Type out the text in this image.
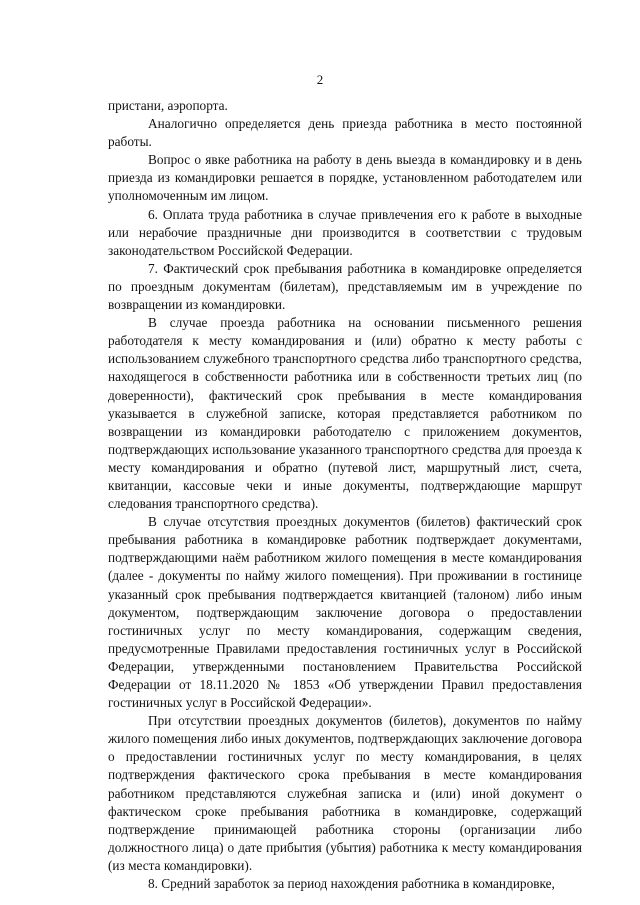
2

пристани, аэропорта.

Аналогично определяется день приезда работника в место постоянной работы.

Вопрос о явке работника на работу в день выезда в командировку и в день приезда из командировки решается в порядке, установленном работодателем или уполномоченным им лицом.

6. Оплата труда работника в случае привлечения его к работе в выходные или нерабочие праздничные дни производится в соответствии с трудовым законодательством Российской Федерации.

7. Фактический срок пребывания работника в командировке определяется по проездным документам (билетам), представляемым им в учреждение по возвращении из командировки.

В случае проезда работника на основании письменного решения работодателя к месту командирования и (или) обратно к месту работы с использованием служебного транспортного средства либо транспортного средства, находящегося в собственности работника или в собственности третьих лиц (по доверенности), фактический срок пребывания в месте командирования указывается в служебной записке, которая представляется работником по возвращении из командировки работодателю с приложением документов, подтверждающих использование указанного транспортного средства для проезда к месту командирования и обратно (путевой лист, маршрутный лист, счета, квитанции, кассовые чеки и иные документы, подтверждающие маршрут следования транспортного средства).

В случае отсутствия проездных документов (билетов) фактический срок пребывания работника в командировке работник подтверждает документами, подтверждающими наём работником жилого помещения в месте командирования (далее - документы по найму жилого помещения). При проживании в гостинице указанный срок пребывания подтверждается квитанцией (талоном) либо иным документом, подтверждающим заключение договора о предоставлении гостиничных услуг по месту командирования, содержащим сведения, предусмотренные Правилами предоставления гостиничных услуг в Российской Федерации, утвержденными постановлением Правительства Российской Федерации от 18.11.2020 № 1853 «Об утверждении Правил предоставления гостиничных услуг в Российской Федерации».

При отсутствии проездных документов (билетов), документов по найму жилого помещения либо иных документов, подтверждающих заключение договора о предоставлении гостиничных услуг по месту командирования, в целях подтверждения фактического срока пребывания в месте командирования работником представляются служебная записка и (или) иной документ о фактическом сроке пребывания работника в командировке, содержащий подтверждение принимающей работника стороны (организации либо должностного лица) о дате прибытия (убытия) работника к месту командирования (из места командировки).

8. Средний заработок за период нахождения работника в командировке,
